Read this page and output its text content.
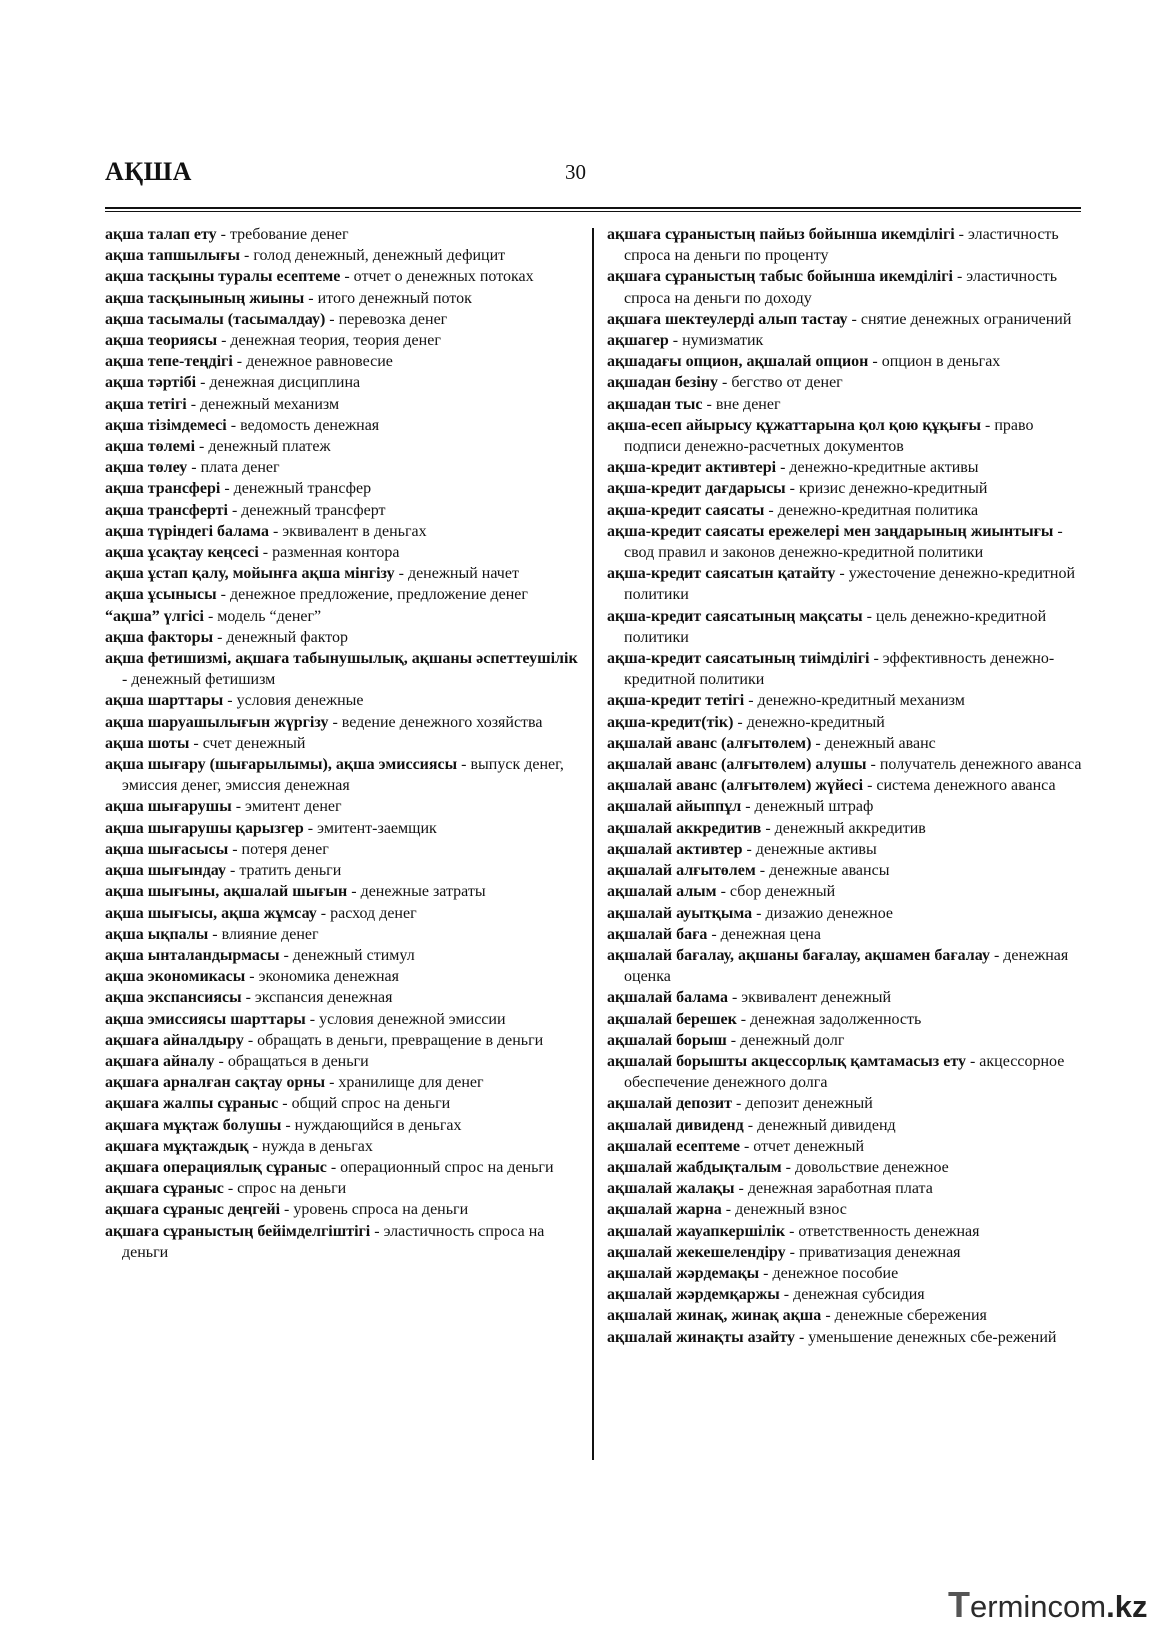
АҚША	30

ақша талап ету - требование денег

ақша тапшылығы - голод денежный, денежный дефицит

ақша тасқыны туралы есептеме - отчет о денежных потоках

ақша тасқынының жиыны - итого денежный поток

ақша тасымалы (тасымалдау) - перевозка денег

ақша теориясы - денежная теория, теория денег

ақша тепе-теңдігі - денежное равновесие

ақша тәртібі - денежная дисциплина

ақша тетігі - денежный механизм

ақша тізімдемесі - ведомость денежная

ақша төлемі - денежный платеж

ақша төлеу - плата денег

ақша трансфері - денежный трансфер

ақша трансферті - денежный трансферт

ақша түріндегі балама - эквивалент в деньгах

ақша ұсақтау кеңсесі - разменная контора

ақша ұстап қалу, мойынға ақша мінгізу - денежный начет

ақша ұсынысы - денежное предложение, предложение денег

“ақша” үлгісі - модель “денег”

ақша факторы - денежный фактор

ақша фетишизмі, ақшаға табынушылық, ақшаны әспеттеушілік - денежный фетишизм

ақша шарттары - условия денежные

ақша шаруашылығын жүргізу - ведение денежного хозяйства

ақша шоты - счет денежный

ақша шығару (шығарылымы), ақша эмиссиясы - выпуск денег, эмиссия денег, эмиссия денежная

ақша шығарушы - эмитент денег

ақша шығарушы қарызгер - эмитент-заемщик

ақша шығасысы - потеря денег

ақша шығындау - тратить деньги

ақша шығыны, ақшалай шығын - денежные затраты

ақша шығысы, ақша жұмсау - расход денег

ақша ықпалы - влияние денег

ақша ынталандырмасы - денежный стимул

ақша экономикасы - экономика денежная

ақша экспансиясы - экспансия денежная

ақша эмиссиясы шарттары - условия денежной эмиссии

ақшаға айналдыру - обращать в деньги, превращение в деньги

ақшаға айналу - обращаться в деньги

ақшаға арналған сақтау орны - хранилище для денег

ақшаға жалпы сұраныс - общий спрос на деньги

ақшаға мұқтаж болушы - нуждающийся в деньгах

ақшаға мұқтаждық - нужда в деньгах

ақшаға операциялық сұраныс - операционный спрос на деньги

ақшаға сұраныс - спрос на деньги

ақшаға сұраныс деңгейі - уровень спроса на деньги

ақшаға сұраныстың бейімделгіштігі - эластичность спроса на деньги

ақшаға сұраныстың пайыз бойынша икемділігі - эластичность спроса на деньги по проценту

ақшаға сұраныстың табыс бойынша икемділігі - эластичность спроса на деньги по доходу

ақшаға шектеулерді алып тастау - снятие денежных ограничений

ақшагер - нумизматик

ақшадағы опцион, ақшалай опцион - опцион в деньгах

ақшадан безіну - бегство от денег

ақшадан тыс - вне денег

ақша-есеп айырысу құжаттарына қол қою құқығы - право подписи денежно-расчетных документов

ақша-кредит активтері - денежно-кредитные активы

ақша-кредит дағдарысы - кризис денежно-кредитный

ақша-кредит саясаты - денежно-кредитная политика

ақша-кредит саясаты ережелері мен заңдарының жиынтығы - свод правил и законов денежно-кредитной политики

ақша-кредит саясатын қатайту - ужесточение денежно-кредитной политики

ақша-кредит саясатының мақсаты - цель денежно-кредитной политики

ақша-кредит саясатының тиімділігі - эффективность денежно-кредитной политики

ақша-кредит тетігі - денежно-кредитный механизм

ақша-кредит(тік) - денежно-кредитный

ақшалай аванс (алғытөлем) - денежный аванс

ақшалай аванс (алғытөлем) алушы - получатель денежного аванса

ақшалай аванс (алғытөлем) жүйесі - система денежного аванса

ақшалай айыппұл - денежный штраф

ақшалай аккредитив - денежный аккредитив

ақшалай активтер - денежные активы

ақшалай алғытөлем - денежные авансы

ақшалай алым - сбор денежный

ақшалай ауытқыма - дизажио денежное

ақшалай баға - денежная цена

ақшалай бағалау, ақшаны бағалау, ақшамен бағалау - денежная оценка

ақшалай балама - эквивалент денежный

ақшалай берешек - денежная задолженность

ақшалай борыш - денежный долг

ақшалай борышты акцессорлық қамтамасыз ету - акцессорное обеспечение денежного долга

ақшалай депозит - депозит денежный

ақшалай дивиденд - денежный дивиденд

ақшалай есептеме - отчет денежный

ақшалай жабдықталым - довольствие денежное

ақшалай жалақы - денежная заработная плата

ақшалай жарна - денежный взнос

ақшалай жауапкершілік - ответственность денежная

ақшалай жекешелендіру - приватизация денежная

ақшалай жәрдемақы - денежное пособие

ақшалай жәрдемқаржы - денежная субсидия

ақшалай жинақ, жинақ ақша - денежные сбережения

ақшалай жинақты азайту - уменьшение денежных сбе-режений

Termincom.kz
